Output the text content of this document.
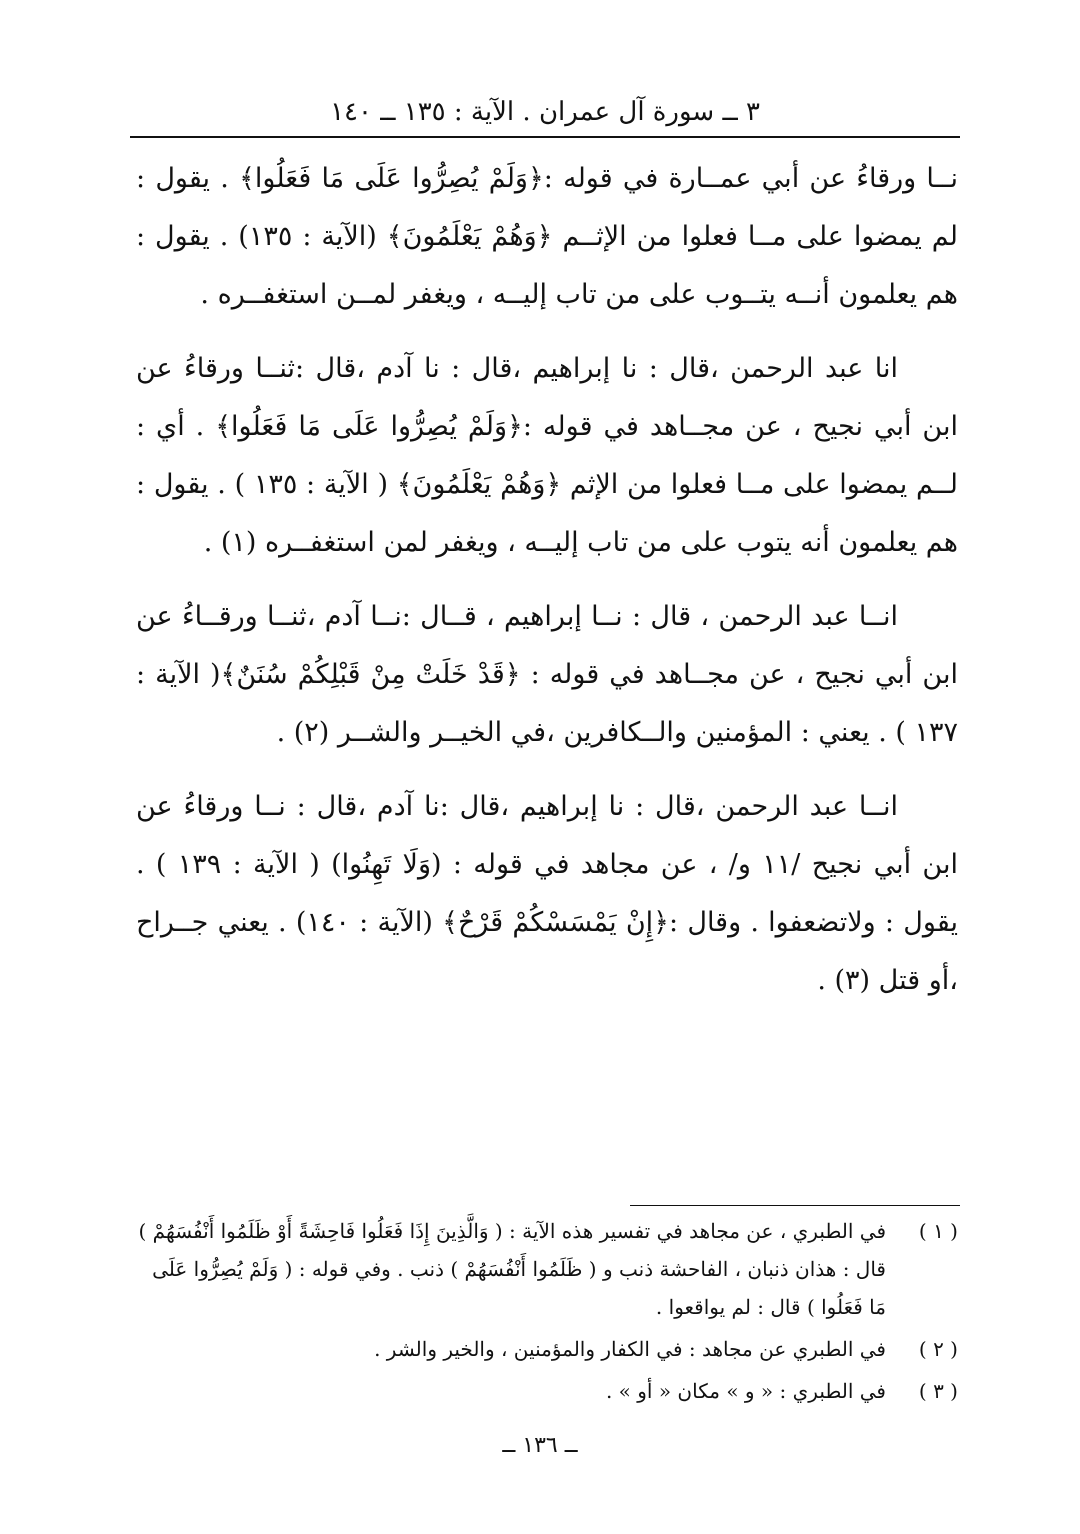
٣ ــ سورة آل عمران . الآية : ١٣٥ ــ ١٤٠

نــا ورقاءُ عن أبي عمــارة في قوله :﴿وَلَمْ يُصِرُّوا عَلَى مَا فَعَلُوا﴾ . يقول : لم يمضوا على مــا فعلوا من الإثــم ﴿وَهُمْ يَعْلَمُونَ﴾ (الآية : ١٣٥) . يقول : هم يعلمون أنــه يتــوب على من تاب إليــه ، ويغفر لمــن استغفــره .

انا عبد الرحمن ،قال : نا إبراهيم ،قال : نا آدم ،قال :ثنــا ورقاءُ عن ابن أبي نجيح ، عن مجــاهد في قوله :﴿وَلَمْ يُصِرُّوا عَلَى مَا فَعَلُوا﴾ . أي : لــم يمضوا على مــا فعلوا من الإثم ﴿وَهُمْ يَعْلَمُونَ﴾ ( الآية : ١٣٥ ) . يقول : هم يعلمون أنه يتوب على من تاب إليــه ، ويغفر لمن استغفــره (١) .

انــا عبد الرحمن ، قال : نــا إبراهيم ، قــال :نــا آدم ،ثنــا ورقــاءُ عن ابن أبي نجيح ، عن مجــاهد في قوله : ﴿قَدْ خَلَتْ مِنْ قَبْلِكُمْ سُنَنٌ﴾( الآية : ١٣٧ ) . يعني : المؤمنين والــكافرين ،في الخيــر والشــر (٢) .

انــا عبد الرحمن ،قال : نا إبراهيم ،قال :نا آدم ،قال : نــا ورقاءُ عن ابن أبي نجيح /١١ و/ ، عن مجاهد في قوله : (وَلَا تَهِنُوا) ( الآية : ١٣٩ ) . يقول : ولاتضعفوا . وقال :﴿إِنْ يَمْسَسْكُمْ قَرْحٌ﴾ (الآية : ١٤٠) . يعني جــراح ،أو قتل (٣) .

( ١ )
في الطبري ، عن مجاهد في تفسير هذه الآية : ( وَالَّذِينَ إِذَا فَعَلُوا فَاحِشَةً أَوْ ظَلَمُوا أَنْفُسَهُمْ ) قال : هذان ذنبان ، الفاحشة ذنب و ( ظَلَمُوا أَنْفُسَهُمْ ) ذنب . وفي قوله : ( وَلَمْ يُصِرُّوا عَلَى مَا فَعَلُوا ) قال : لم يواقعوا .
( ٢ )
في الطبري عن مجاهد : في الكفار والمؤمنين ، والخير والشر .
( ٣ )
في الطبري : « و » مكان « أو » .
ــ ١٣٦ ــ
